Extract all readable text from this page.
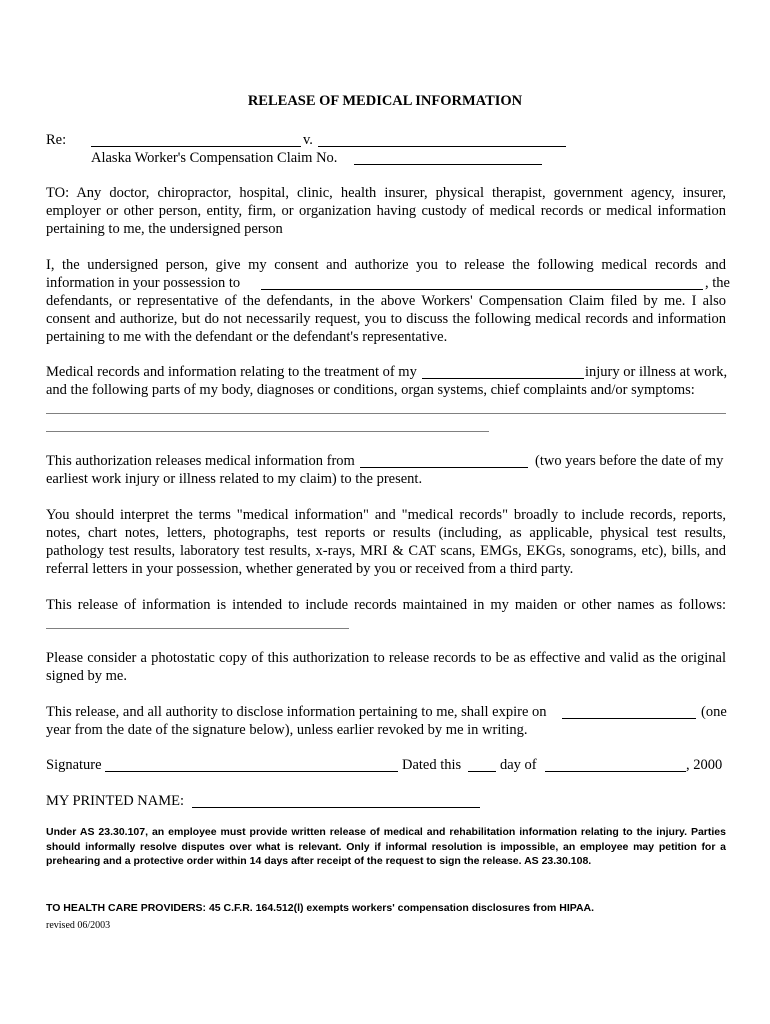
RELEASE OF MEDICAL INFORMATION
Re:	v.
Alaska Worker's Compensation Claim No.
TO: Any doctor, chiropractor, hospital, clinic, health insurer, physical therapist, government agency, insurer, employer or other person, entity, firm, or organization having custody of medical records or medical information pertaining to me, the undersigned person
I, the undersigned person, give my consent and authorize you to release the following medical records and
information in your possession to	, the
defendants, or representative of the defendants, in the above Workers' Compensation Claim filed by me. I also consent and authorize, but do not necessarily request, you to discuss the following medical records and information pertaining to me with the defendant or the defendant's representative.
Medical records and information relating to the treatment of my	injury or illness at work,
and the following parts of my body, diagnoses or conditions, organ systems, chief complaints and/or symptoms:
This authorization releases medical information from	(two years before the date of my
earliest work injury or illness related to my claim) to the present.
You should interpret the terms "medical information" and "medical records" broadly to include records, reports, notes, chart notes, letters, photographs, test reports or results (including, as applicable, physical test results, pathology test results, laboratory test results, x-rays, MRI & CAT scans, EMGs, EKGs, sonograms, etc), bills, and referral letters in your possession, whether generated by you or received from a third party.
This release of information is intended to include records maintained in my maiden or other names as follows:
Please consider a photostatic copy of this authorization to release records to be as effective and valid as the original signed by me.
This release, and all authority to disclose information pertaining to me, shall expire on	(one
year from the date of the signature below), unless earlier revoked by me in writing.
Signature	Dated this	day of	, 2000
MY PRINTED NAME:
Under AS 23.30.107, an employee must provide written release of medical and rehabilitation information relating to the injury. Parties should informally resolve disputes over what is relevant. Only if informal resolution is impossible, an employee may petition for a prehearing and a protective order within 14 days after receipt of the request to sign the release. AS 23.30.108.
TO HEALTH CARE PROVIDERS: 45 C.F.R. 164.512(l) exempts workers' compensation disclosures from HIPAA.
revised 06/2003
